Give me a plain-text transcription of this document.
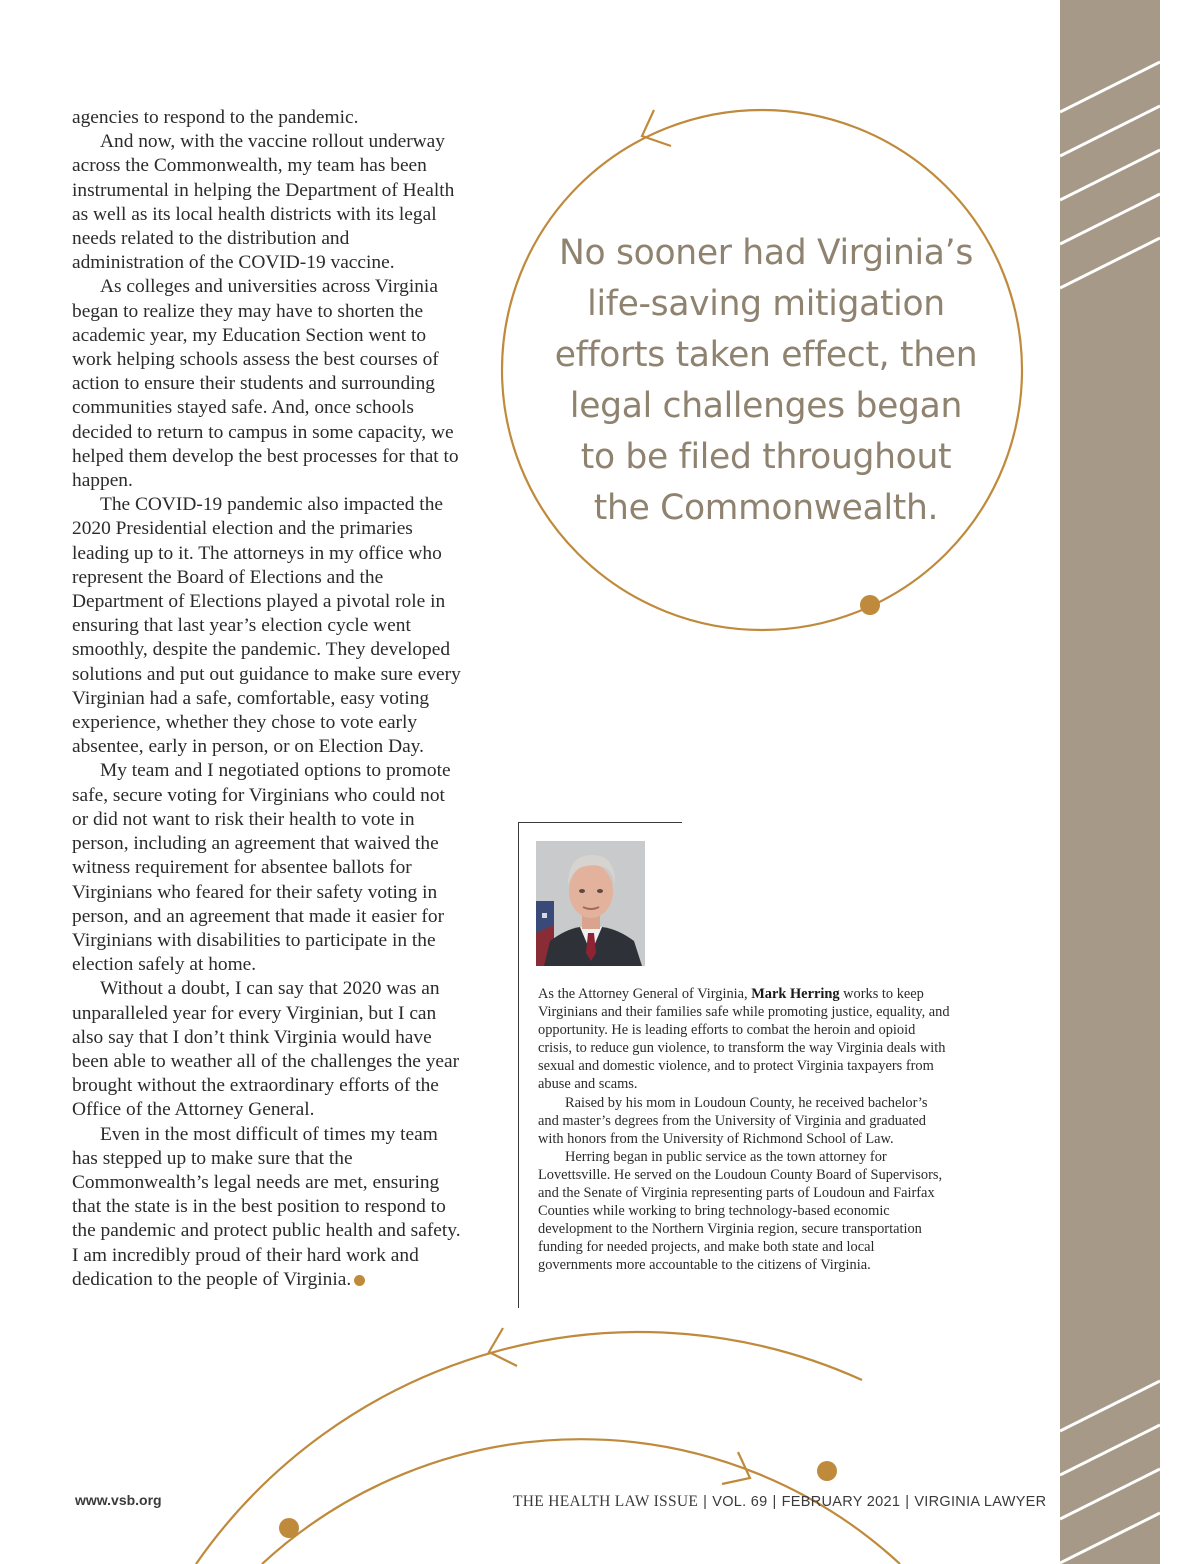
agencies to respond to the pandemic.

And now, with the vaccine rollout underway across the Commonwealth, my team has been instrumental in helping the Department of Health as well as its local health districts with its legal needs related to the distribution and administration of the COVID-19 vaccine.

As colleges and universities across Virginia began to realize they may have to shorten the academic year, my Education Section went to work helping schools assess the best courses of action to ensure their students and surrounding communities stayed safe. And, once schools decided to return to campus in some capacity, we helped them develop the best processes for that to happen.

The COVID-19 pandemic also impacted the 2020 Presidential election and the primaries leading up to it. The attorneys in my office who represent the Board of Elections and the Department of Elections played a pivotal role in ensuring that last year’s election cycle went smoothly, despite the pandemic. They developed solutions and put out guidance to make sure every Virginian had a safe, comfortable, easy voting experience, whether they chose to vote early absentee, early in person, or on Election Day.

My team and I negotiated options to promote safe, secure voting for Virginians who could not or did not want to risk their health to vote in person, including an agreement that waived the witness requirement for absentee ballots for Virginians who feared for their safety voting in person, and an agreement that made it easier for Virginians with disabilities to participate in the election safely at home.

Without a doubt, I can say that 2020 was an unparalleled year for every Virginian, but I can also say that I don’t think Virginia would have been able to weather all of the challenges the year brought without the extraordinary efforts of the Office of the Attorney General.

Even in the most difficult of times my team has stepped up to make sure that the Commonwealth’s legal needs are met, ensuring that the state is in the best position to respond to the pandemic and protect public health and safety. I am incredibly proud of their hard work and dedication to the people of Virginia.

No sooner had Virginia’s
life-saving mitigation
efforts taken effect, then
legal challenges began
to be filed throughout
the Commonwealth.

As the Attorney General of Virginia, Mark Herring works to keep Virginians and their families safe while promoting justice, equality, and opportunity. He is leading efforts to combat the heroin and opioid crisis, to reduce gun violence, to transform the way Virginia deals with sexual and domestic violence, and to protect Virginia taxpayers from abuse and scams.

Raised by his mom in Loudoun County, he received bachelor’s and master’s degrees from the University of Virginia and graduated with honors from the University of Richmond School of Law.

Herring began in public service as the town attorney for Lovettsville. He served on the Loudoun County Board of Supervisors, and the Senate of Virginia representing parts of Loudoun and Fairfax Counties while working to bring technology-based economic development to the Northern Virginia region, secure transportation funding for needed projects, and make both state and local governments more accountable to the citizens of Virginia.

www.vsb.org	THE HEALTH LAW ISSUE | VOL. 69 | FEBRUARY 2021 | VIRGINIA LAWYER
